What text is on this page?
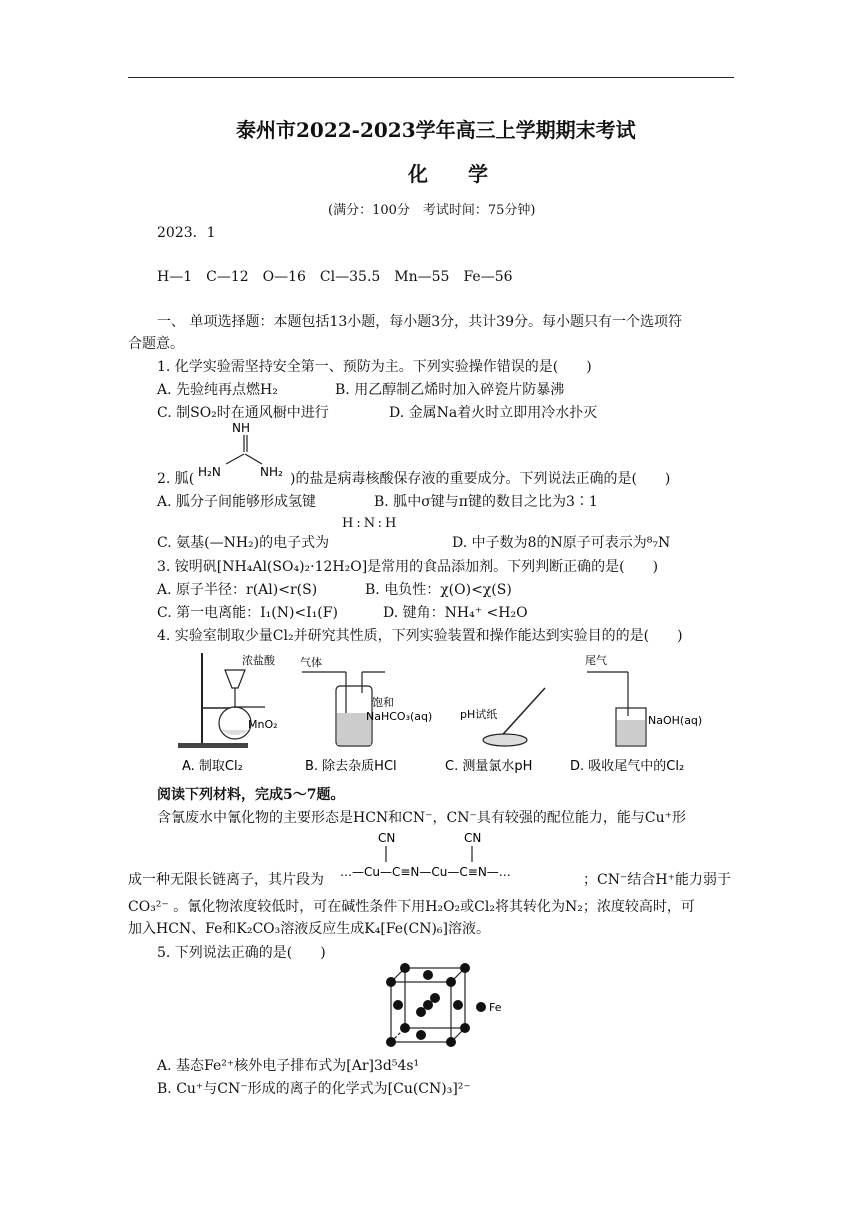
泰州市2022-2023学年高三上学期期末考试
化学
(满分：100分　考试时间：75分钟)
2023．1
H—1　C—12　O—16　Cl—35.5　Mn—55　Fe—56
一、 单项选择题：本题包括13小题，每小题3分，共计39分。每小题只有一个选项符
合题意。
1. 化学实验需坚持安全第一、预防为主。下列实验操作错误的是(　　)
A. 先验纯再点燃H₂	B. 用乙醇制乙烯时加入碎瓷片防暴沸
C. 制SO₂时在通风橱中进行	D. 金属Na着火时立即用冷水扑灭
2. 胍(
NH
H₂N	NH₂ )的盐是病毒核酸保存液的重要成分。下列说法正确的是(　　)
A. 胍分子间能够形成氢键	B. 胍中σ键与π键的数目之比为3∶1
C. 氨基(—NH₂)的电子式为
H:N:H
D. 中子数为8的N原子可表示为⁸₇N
3. 铵明矾[NH₄Al(SO₄)₂·12H₂O]是常用的食品添加剂。下列判断正确的是(　　)
A. 原子半径：r(Al)<r(S)	B. 电负性：χ(O)<χ(S)
C. 第一电离能：I₁(N)<I₁(F)	D. 键角：NH₄⁺ <H₂O
4. 实验室制取少量Cl₂并研究其性质，下列实验装置和操作能达到实验目的的是(　　)
浓盐酸
MnO₂
A. 制取Cl₂
气体
饱和
NaHCO₃(aq)
B. 除去杂质HCl
pH试纸
C. 测量氯水pH
尾气
NaOH(aq)
D. 吸收尾气中的Cl₂
阅读下列材料，完成5～7题。
含氰废水中氰化物的主要形态是HCN和CN⁻，CN⁻具有较强的配位能力，能与Cu⁺形
成一种无限长链离子，其片段为
CN	CN
…—Cu—C≡N—Cu—C≡N—…	；CN⁻结合H⁺能力弱于
CO₃²⁻ 。氰化物浓度较低时，可在碱性条件下用H₂O₂或Cl₂将其转化为N₂；浓度较高时，可
加入HCN、Fe和K₂CO₃溶液反应生成K₄[Fe(CN)₆]溶液。
5. 下列说法正确的是(　　)
Fe
A. 基态Fe²⁺核外电子排布式为[Ar]3d⁵4s¹
B. Cu⁺与CN⁻形成的离子的化学式为[Cu(CN)₃]²⁻
